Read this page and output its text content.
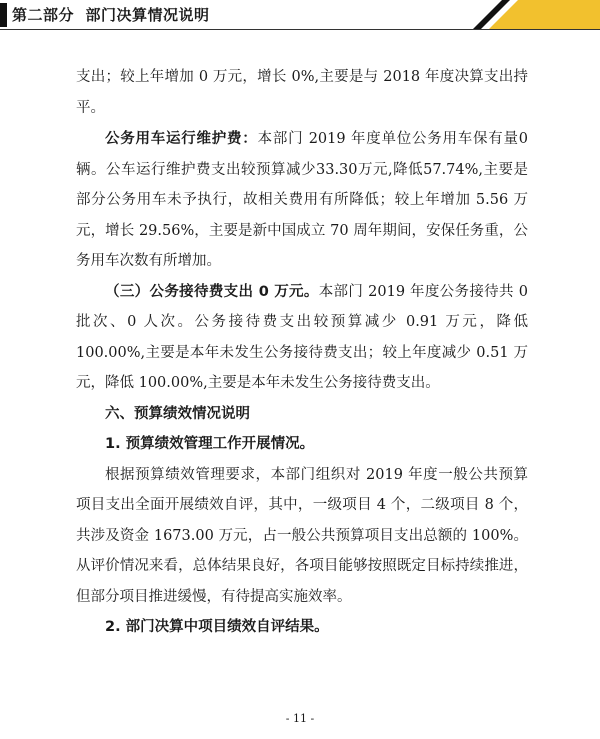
第二部分  部门决算情况说明

支出；较上年增加 0 万元，增长 0%,主要是与 2018 年度决算支出持平。

公务用车运行维护费：本部门 2019 年度单位公务用车保有量0辆。公车运行维护费支出较预算减少33.30万元,降低57.74%,主要是部分公务用车未予执行，故相关费用有所降低；较上年增加 5.56 万元，增长 29.56%，主要是新中国成立 70 周年期间，安保任务重，公务用车次数有所增加。

（三）公务接待费支出 0 万元。本部门 2019 年度公务接待共 0 批次、0 人次。公务接待费支出较预算减少 0.91 万元，降低 100.00%,主要是本年未发生公务接待费支出；较上年度减少 0.51 万元，降低 100.00%,主要是本年未发生公务接待费支出。

六、预算绩效情况说明

1. 预算绩效管理工作开展情况。

根据预算绩效管理要求，本部门组织对 2019 年度一般公共预算项目支出全面开展绩效自评，其中，一级项目 4 个，二级项目 8 个，共涉及资金 1673.00 万元，占一般公共预算项目支出总额的 100%。从评价情况来看，总体结果良好，各项目能够按照既定目标持续推进，但部分项目推进缓慢，有待提高实施效率。

2. 部门决算中项目绩效自评结果。

- 11 -
